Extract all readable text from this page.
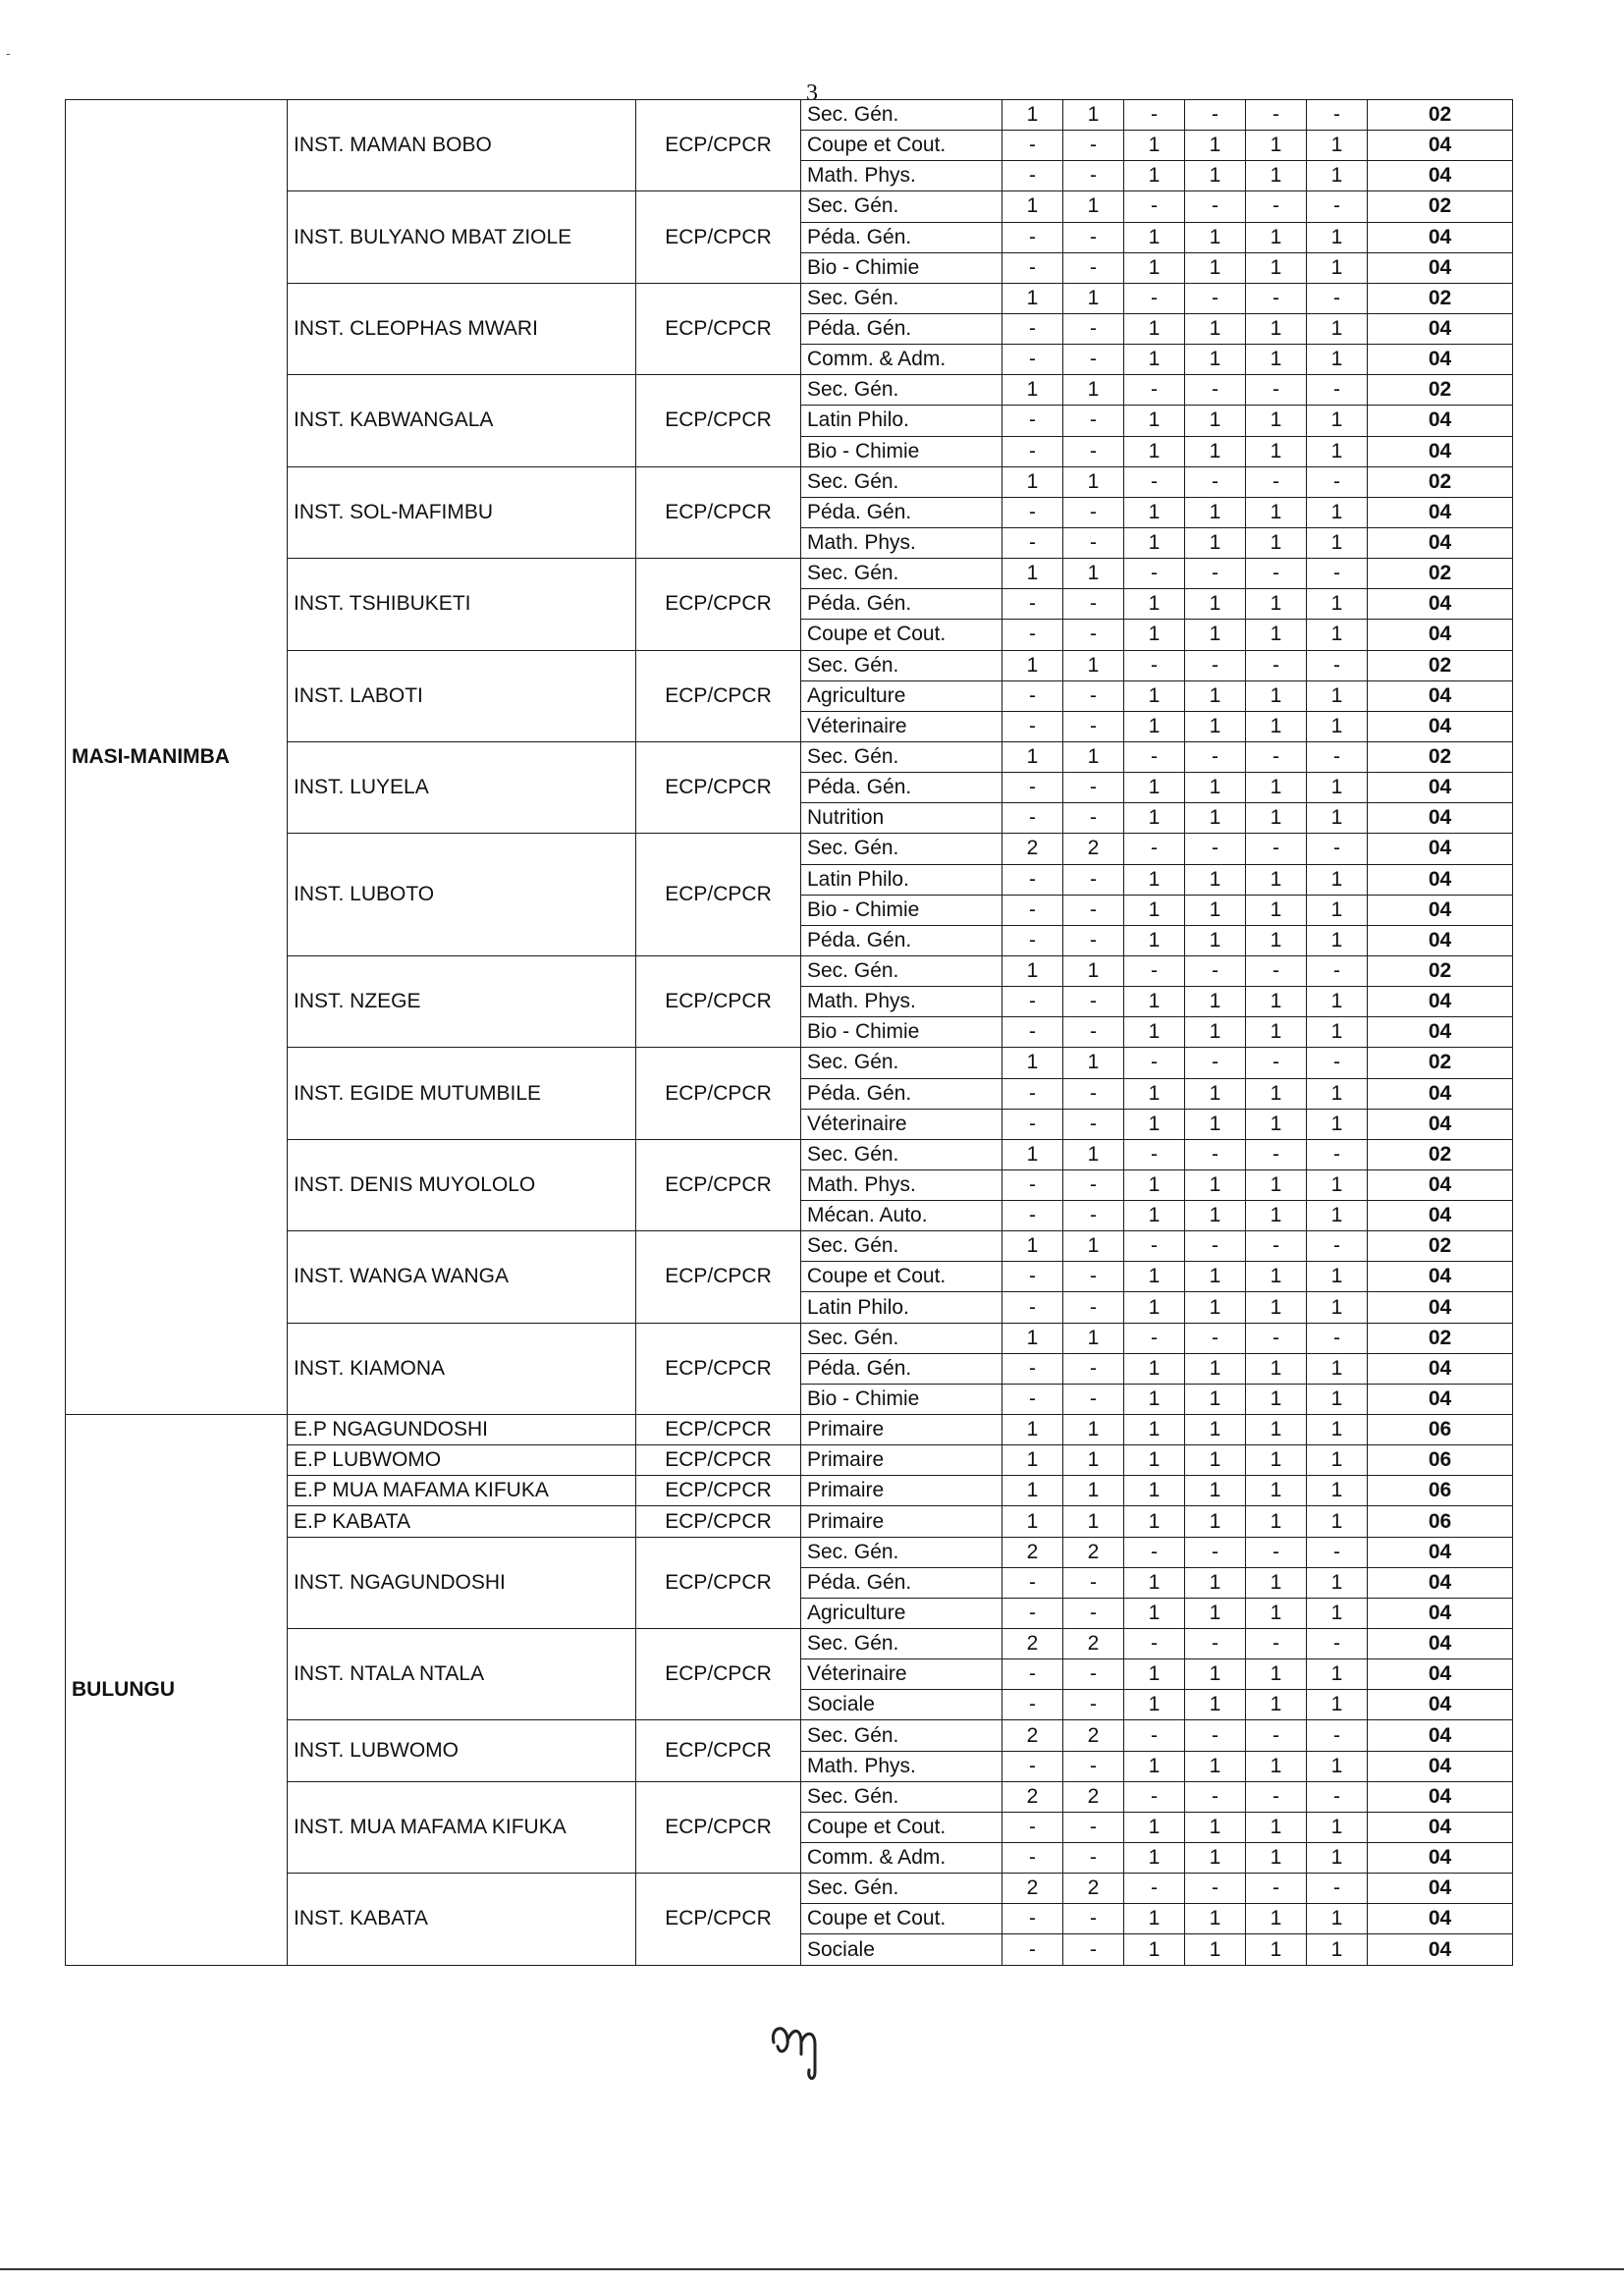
-
3
MASI-MANIMBA	INST. MAMAN BOBO	ECP/CPCR	Sec. Gén.	1	1	-	-	-	-	02
			Coupe et Cout.	-	-	1	1	1	1	04
			Math. Phys.	-	-	1	1	1	1	04
	INST. BULYANO MBAT ZIOLE	ECP/CPCR	Sec. Gén.	1	1	-	-	-	-	02
			Péda. Gén.	-	-	1	1	1	1	04
			Bio - Chimie	-	-	1	1	1	1	04
	INST. CLEOPHAS MWARI	ECP/CPCR	Sec. Gén.	1	1	-	-	-	-	02
			Péda. Gén.	-	-	1	1	1	1	04
			Comm. & Adm.	-	-	1	1	1	1	04
	INST. KABWANGALA	ECP/CPCR	Sec. Gén.	1	1	-	-	-	-	02
			Latin Philo.	-	-	1	1	1	1	04
			Bio - Chimie	-	-	1	1	1	1	04
	INST. SOL-MAFIMBU	ECP/CPCR	Sec. Gén.	1	1	-	-	-	-	02
			Péda. Gén.	-	-	1	1	1	1	04
			Math. Phys.	-	-	1	1	1	1	04
	INST. TSHIBUKETI	ECP/CPCR	Sec. Gén.	1	1	-	-	-	-	02
			Péda. Gén.	-	-	1	1	1	1	04
			Coupe et Cout.	-	-	1	1	1	1	04
	INST. LABOTI	ECP/CPCR	Sec. Gén.	1	1	-	-	-	-	02
			Agriculture	-	-	1	1	1	1	04
			Véterinaire	-	-	1	1	1	1	04
	INST. LUYELA	ECP/CPCR	Sec. Gén.	1	1	-	-	-	-	02
			Péda. Gén.	-	-	1	1	1	1	04
			Nutrition	-	-	1	1	1	1	04
	INST. LUBOTO	ECP/CPCR	Sec. Gén.	2	2	-	-	-	-	04
			Latin Philo.	-	-	1	1	1	1	04
			Bio - Chimie	-	-	1	1	1	1	04
			Péda. Gén.	-	-	1	1	1	1	04
	INST. NZEGE	ECP/CPCR	Sec. Gén.	1	1	-	-	-	-	02
			Math. Phys.	-	-	1	1	1	1	04
			Bio - Chimie	-	-	1	1	1	1	04
	INST. EGIDE MUTUMBILE	ECP/CPCR	Sec. Gén.	1	1	-	-	-	-	02
			Péda. Gén.	-	-	1	1	1	1	04
			Véterinaire	-	-	1	1	1	1	04
	INST. DENIS MUYOLOLO	ECP/CPCR	Sec. Gén.	1	1	-	-	-	-	02
			Math. Phys.	-	-	1	1	1	1	04
			Mécan. Auto.	-	-	1	1	1	1	04
	INST. WANGA WANGA	ECP/CPCR	Sec. Gén.	1	1	-	-	-	-	02
			Coupe et Cout.	-	-	1	1	1	1	04
			Latin Philo.	-	-	1	1	1	1	04
	INST. KIAMONA	ECP/CPCR	Sec. Gén.	1	1	-	-	-	-	02
			Péda. Gén.	-	-	1	1	1	1	04
			Bio - Chimie	-	-	1	1	1	1	04
BULUNGU	E.P NGAGUNDOSHI	ECP/CPCR	Primaire	1	1	1	1	1	1	06
	E.P LUBWOMO	ECP/CPCR	Primaire	1	1	1	1	1	1	06
	E.P MUA MAFAMA KIFUKA	ECP/CPCR	Primaire	1	1	1	1	1	1	06
	E.P KABATA	ECP/CPCR	Primaire	1	1	1	1	1	1	06
	INST. NGAGUNDOSHI	ECP/CPCR	Sec. Gén.	2	2	-	-	-	-	04
			Péda. Gén.	-	-	1	1	1	1	04
			Agriculture	-	-	1	1	1	1	04
	INST. NTALA NTALA	ECP/CPCR	Sec. Gén.	2	2	-	-	-	-	04
			Véterinaire	-	-	1	1	1	1	04
			Sociale	-	-	1	1	1	1	04
	INST. LUBWOMO	ECP/CPCR	Sec. Gén.	2	2	-	-	-	-	04
			Math. Phys.	-	-	1	1	1	1	04
	INST. MUA MAFAMA KIFUKA	ECP/CPCR	Sec. Gén.	2	2	-	-	-	-	04
			Coupe et Cout.	-	-	1	1	1	1	04
			Comm. & Adm.	-	-	1	1	1	1	04
	INST. KABATA	ECP/CPCR	Sec. Gén.	2	2	-	-	-	-	04
			Coupe et Cout.	-	-	1	1	1	1	04
			Sociale	-	-	1	1	1	1	04
